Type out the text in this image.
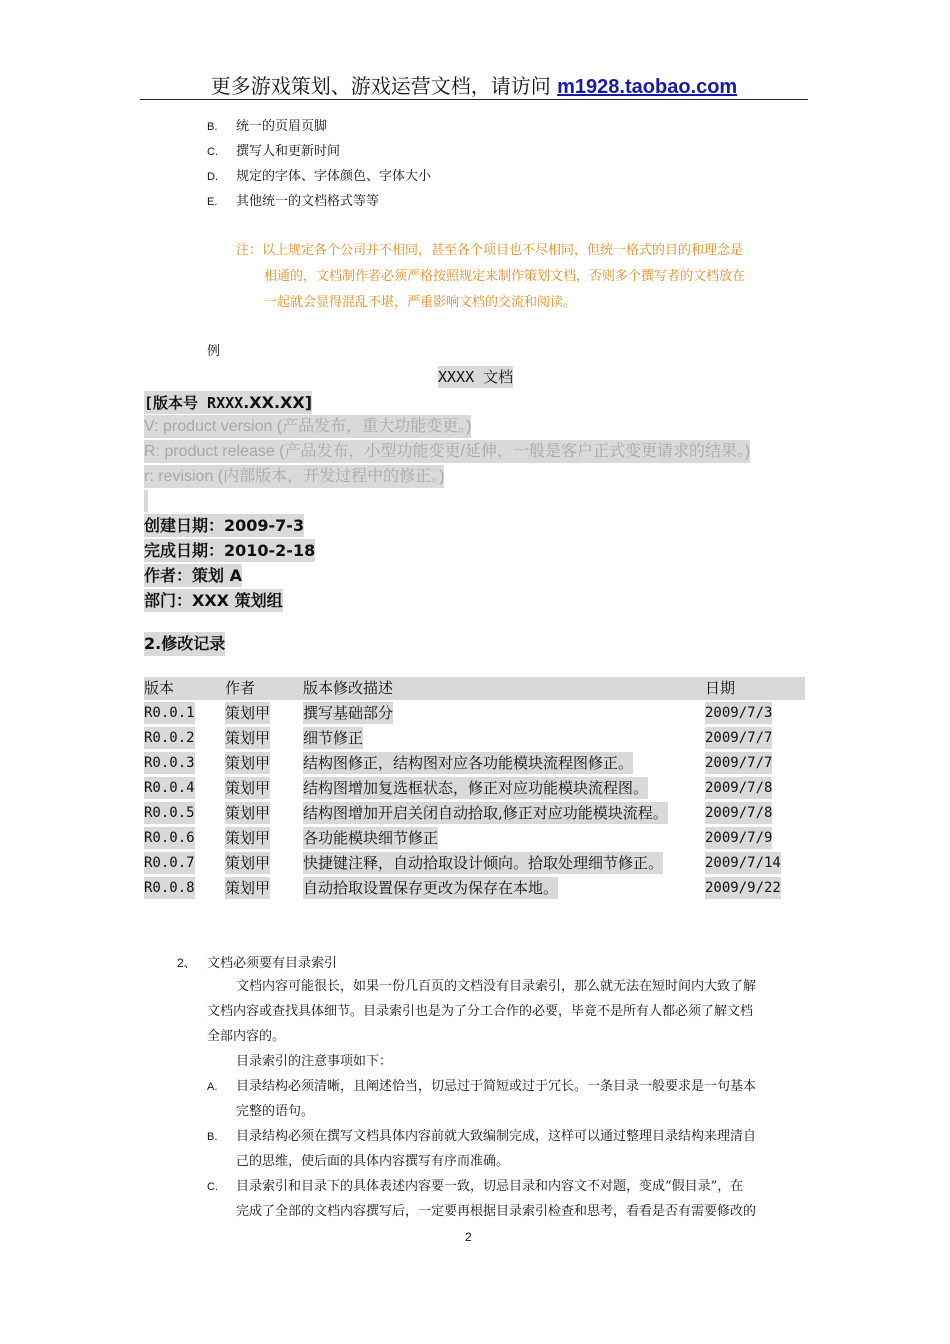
更多游戏策划、游戏运营文档，请访问 m1928.taobao.com
B. 统一的页眉页脚
C. 撰写人和更新时间
D. 规定的字体、字体颜色、字体大小
E. 其他统一的文档格式等等
注：以上规定各个公司并不相同，甚至各个项目也不尽相同，但统一格式的目的和理念是
相通的，文档制作者必须严格按照规定来制作策划文档，否则多个撰写者的文档放在
一起就会显得混乱不堪，严重影响文档的交流和阅读。
例
XXXX 文档
[版本号 RXXX.XX.XX]
V: product version (产品发布，重大功能变更。)
R: product release (产品发布，小型功能变更/延伸，一般是客户正式变更请求的结果。)
r: revision (内部版本，开发过程中的修正。)
创建日期：2009-7-3
完成日期：2010-2-18
作者：策划 A
部门：XXX 策划组
2.修改记录
版本	作者	版本修改描述	日期
R0.0.1 策划甲 撰写基础部分	2009/7/3
R0.0.2 策划甲 细节修正	2009/7/7
R0.0.3 策划甲 结构图修正，结构图对应各功能模块流程图修正。	2009/7/7
R0.0.4 策划甲 结构图增加复选框状态，修正对应功能模块流程图。	2009/7/8
R0.0.5 策划甲 结构图增加开启关闭自动拾取,修正对应功能模块流程。	2009/7/8
R0.0.6 策划甲 各功能模块细节修正	2009/7/9
R0.0.7 策划甲 快捷键注释，自动拾取设计倾向。拾取处理细节修正。	2009/7/14
R0.0.8 策划甲 自动拾取设置保存更改为保存在本地。	2009/9/22
2、 文档必须要有目录索引
文档内容可能很长，如果一份几百页的文档没有目录索引，那么就无法在短时间内大致了解
文档内容或查找具体细节。目录索引也是为了分工合作的必要，毕竟不是所有人都必须了解文档
全部内容的。
目录索引的注意事项如下：
A. 目录结构必须清晰，且阐述恰当，切忌过于简短或过于冗长。一条目录一般要求是一句基本
完整的语句。
B. 目录结构必须在撰写文档具体内容前就大致编制完成，这样可以通过整理目录结构来理清自
己的思维，使后面的具体内容撰写有序而准确。
C. 目录索引和目录下的具体表述内容要一致，切忌目录和内容文不对题，变成“假目录”，在
完成了全部的文档内容撰写后，一定要再根据目录索引检查和思考，看看是否有需要修改的
2
